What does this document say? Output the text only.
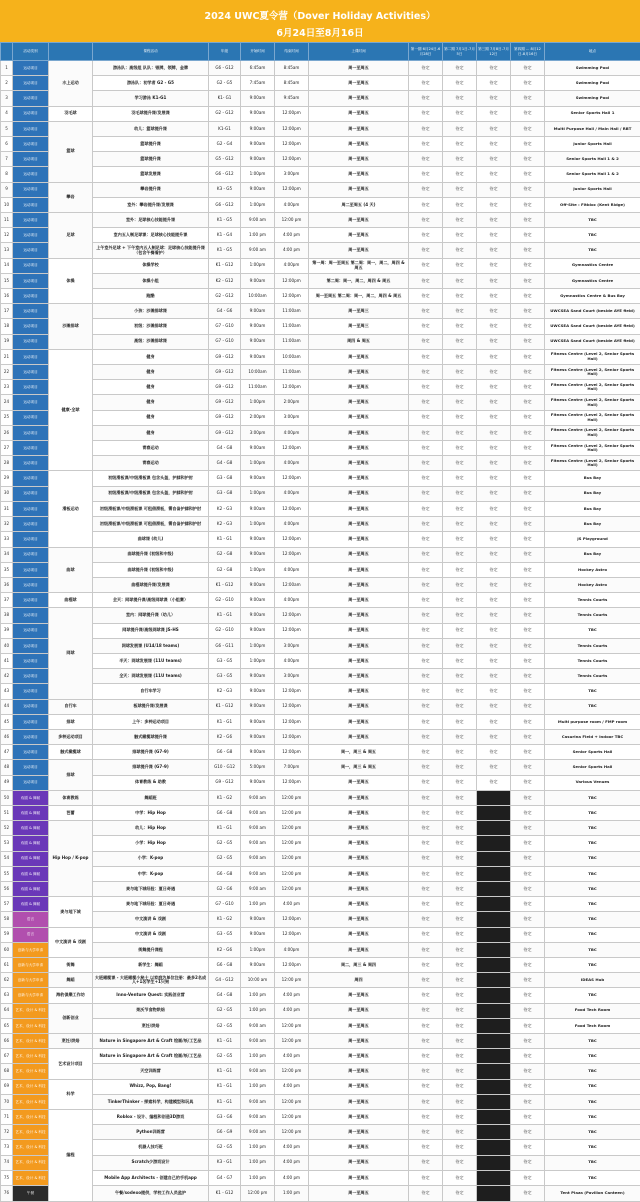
2024 UWC夏令营（Dover Holiday Activities）
6月24日至8月16日
	活动类别		课程活动	年级	开始时间	结束时间	上课时间	第一期 6月24日-6月28日	第二期 7月1日-7月5日	第三期 7月8日-7月12日	第四期 ... 8月12日-8月16日	地点
1	运动项目	水上运动	游泳队：高级组 队队：银牌，领牌，金牌	G6 - G12	6:45am	8:45am	周一至周五	待定	待定	待定	待定	Swimming Pool
2	运动项目		游泳队：初学者 G2 - G5	G2 - G5	7:45am	8:45am	周一至周五	待定	待定	待定	待定	Swimming Pool
3	运动项目		学习游泳 K1-G1	K1- G1	9:00am	9:45am	周一至周五	待定	待定	待定	待定	Swimming Pool
4	运动项目	羽毛球	羽毛球提升课/发展课	G2 - G12	9:00am	12:00pm	周一至周五	待定	待定	待定	待定	Senior Sports Hall 1
5	运动项目	篮球	幼儿：篮球提升课	K1-G1	9:00am	12:00pm	周一至周五	待定	待定	待定	待定	Multi Purpose Hall / Main Hall / RBT
6	运动项目		篮球提升课	G2 - G4	9:00am	12:00pm	周一至周五	待定	待定	待定	待定	Junior Sports Hall
7	运动项目		篮球提升课	G5 - G12	9:00am	12:00pm	周一至周五	待定	待定	待定	待定	Senior Sports Hall 1 & 2
8	运动项目		篮球发展课	G6 - G12	1:00pm	3:00pm	周一至周五	待定	待定	待定	待定	Senior Sports Hall 1 & 2
9	运动项目	攀岩	攀岩提升课	K3 - G5	9:00am	12:00pm	周一至周五	待定	待定	待定	待定	Junior Sports Hall
10	运动项目		室外：攀岩提升课/发展课	G6 - G12	1:00pm	4:00pm	周二至周五 (4 天)	待定	待定	待定	待定	Off-Site : Fitbloc (Kent Ridge)
11	运动项目	足球	室外：足球核心技能提升课	K1 - G5	9:00 am	12:00 pm	周一至周五	待定	待定	待定	待定	TBC
12	运动项目		室内五人制足球课：足球核心技能提升课	K1 - G4	1:00 pm	4:00 pm	周一至周五	待定	待定	待定	待定	TBC
13	运动项目		上午室外足球 + 下午室内五人制足球：足球核心技能提升课（包含午餐看护）	K1 - G5	9:00 am	4:00 pm	周一至周五	待定	待定	待定	待定	TBC
14	运动项目	体操	体操学校	K1 - G12	1:00pm	4:00pm	第一周：周一至周五 第二周：周一，周二，周四 & 周五	待定	待定	待定	待定	Gymnastics Centre
15	运动项目		体操小组	K2 - G12	9:00am	12:00pm	第二周：周一，周二，周四 & 周五	待定	待定	待定	待定	Gymnastics Centre
16	运动项目		跑酷	G2 - G12	10:00am	12:00pm	周一至周五 第二周：周一，周二，周四 & 周五	待定	待定	待定	待定	Gymnastics Centre & Bus Bay
17	运动项目	沙滩排球	小孩：沙滩排球课	G4 - G6	9:00am	11:00am	周一至周三	待定	待定	待定	待定	UWCSEA Sand Court (beside AYE field)
18	运动项目		初级：沙滩排球课	G7 - G10	9:00am	11:00am	周一至周三	待定	待定	待定	待定	UWCSEA Sand Court (beside AYE field)
19	运动项目		高级：沙滩排球课	G7 - G10	9:00am	11:00am	周四 & 周五	待定	待定	待定	待定	UWCSEA Sand Court (beside AYE field)
21	运动项目	健康·全球	健身	G9 - G12	9:00am	10:00am	周一至周五	待定	待定	待定	待定	Fitness Centre (Level 2, Senior Sports Hall)
22	运动项目		健身	G9 - G12	10:00am	11:00am	周一至周五	待定	待定	待定	待定	Fitness Centre (Level 2, Senior Sports Hall)
23	运动项目		健身	G9 - G12	11:00am	12:00pm	周一至周五	待定	待定	待定	待定	Fitness Centre (Level 2, Senior Sports Hall)
24	运动项目		健身	G9 - G12	1:00pm	2:00pm	周一至周五	待定	待定	待定	待定	Fitness Centre (Level 2, Senior Sports Hall)
25	运动项目		健身	G9 - G12	2:00pm	3:00pm	周一至周五	待定	待定	待定	待定	Fitness Centre (Level 2, Senior Sports Hall)
26	运动项目		健身	G9 - G12	3:00pm	4:00pm	周一至周五	待定	待定	待定	待定	Fitness Centre (Level 2, Senior Sports Hall)
27	运动项目		青春运动	G4 - G8	9:00am	12:00pm	周一至周五	待定	待定	待定	待定	Fitness Centre (Level 2, Senior Sports Hall)
28	运动项目		青春运动	G4 - G8	1:00pm	4:00pm	周一至周五	待定	待定	待定	待定	Fitness Centre (Level 2, Senior Sports Hall)
29	运动项目	滑板运动	初级滑板课/中级滑板课 包含头盔，护膝和护肘	G3 - G8	9:00am	12:00pm	周一至周五	待定	待定	待定	待定	Bus Bay
30	运动项目		初级滑板课/中级滑板课 包含头盔，护膝和护肘	G3 - G8	1:00pm	4:00pm	周一至周五	待定	待定	待定	待定	Bus Bay
31	运动项目		初级滑板课/中级滑板课 可租借滑板，需自备护膝和护肘	K2 - G3	9:00am	12:00pm	周一至周五	待定	待定	待定	待定	Bus Bay
32	运动项目		初级滑板课/中级滑板课 可租借滑板，需自备护膝和护肘	K2 - G3	1:00pm	4:00pm	周一至周五	待定	待定	待定	待定	Bus Bay
33	运动项目		曲球课 (幼儿)	K1 - G1	9:00am	12:00pm	周一至周五	待定	待定	待定	待定	JS Playground
34	运动项目	曲球	曲球提升课 (初级和中级)	G2 - G8	9:00am	12:00pm	周一至周五	待定	待定	待定	待定	Bus Bay
35	运动项目		曲球提升课 (初级和中级)	G2 - G8	1:00pm	4:00pm	周一至周五	待定	待定	待定	待定	Hockey Astro
36	运动项目		曲棍球提升课/发展课	K1 - G12	9:00am	12:00am	周一至周五	待定	待定	待定	待定	Hockey Astro
37	运动项目	曲棍球	全天：网球提升课/高级网球课（小组赛）	G2 - G10	9:00am	4:00pm	周一至周五	待定	待定	待定	待定	Tennis Courts
38	运动项目	网球	室内：网球提升课（幼儿）	K1 - G1	9:00am	12:00pm	周一至周五	待定	待定	待定	待定	Tennis Courts
39	运动项目		网球提升课/高级网球课 JS-HS	G2 - G10	9:00am	12:00pm	周一至周五	待定	待定	待定	待定	TBC
40	运动项目		网球发展课 (U14/18 teams)	G6 - G11	1:00pm	3:00pm	周一至周五	待定	待定	待定	待定	Tennis Courts
41	运动项目		半天：网球发展课 (11U teams)	G3 - G5	1:00pm	4:00pm	周一至周五	待定	待定	待定	待定	Tennis Courts
42	运动项目		全天：网球发展课 (11U teams)	G3 - G5	9:00am	3:00pm	周一至周五	待定	待定	待定	待定	Tennis Courts
43	运动项目		自行车学习	K2 - G3	9:00am	12:00pm	周一至周五	待定	待定	待定	待定	TBC
44	运动项目	自行车	板球提升课/发展课	K1 - G12	9:00am	12:00pm	周一至周五	待定	待定	待定	待定	TBC
45	运动项目	排球	上午：多种运动项目	K1 - G1	9:00am	12:00pm	周一至周五	待定	待定	待定	待定	Multi purpose room / FMP room
46	运动项目	多种运动项目	触式橄榄球提升课	K2 - G6	9:00am	12:00pm	周一至周五	待定	待定	待定	待定	Casurina Field + Indoor TBC
47	运动项目	触式橄榄球	排球提升课 (G7-9)	G6 - G8	9:00am	12:00pm	周一，周三 & 周五	待定	待定	待定	待定	Senior Sports Hall
48	运动项目	排球	排球提升课 (G7-9)	G10 - G12	5:00pm	7:00pm	周一，周三 & 周五	待定	待定	待定	待定	Senior Sports Hall
49	运动项目		体育教练 & 助教	G9 - G12	9:00am	12:00pm	周一至周五	待定	待定	待定	待定	Various Venues
50	戏剧 & 舞蹈	体育教练	舞蹈班	K1 - G2	9:00 am	12:00 pm	周一至周五	待定	待定		待定	TBC
51	戏剧 & 舞蹈	芭蕾	中学：Hip Hop	G6 - G8	9:00 am	12:00 pm	周一至周五	待定	待定		待定	TBC
52	戏剧 & 舞蹈	Hip Hop / K-pop	幼儿：Hip Hop	K1 - G1	9:00 am	12:00 pm	周一至周五	待定	待定		待定	TBC
53	戏剧 & 舞蹈		小学：Hip Hop	G2 - G5	9:00 am	12:00 pm	周一至周五	待定	待定		待定	TBC
54	戏剧 & 舞蹈		小学：K-pop	G2 - G5	9:00 am	12:00 pm	周一至周五	待定	待定		待定	TBC
55	戏剧 & 舞蹈		中学：K-pop	G6 - G8	9:00 am	12:00 pm	周一至周五	待定	待定		待定	TBC
56	戏剧 & 舞蹈		麦与地下城经验：夏日奇遇	G2 - G6	9:00 am	12:00 pm	周一至周五	待定	待定		待定	TBC
57	戏剧 & 舞蹈	麦与地下城	麦与地下城经验：夏日奇遇	G7 - G10	1:00 pm	4:00 pm	周一至周五	待定	待定		待定	TBC
58	语言		中文演讲 & 戏剧	K1 - G2	9:00am	12:00pm	周一至周五	待定	待定		待定	TBC
59	语言	中文演讲 & 戏剧	中文演讲 & 戏剧	G3 - G5	9:00am	12:00pm	周一至周五	待定	待定		待定	TBC
60	创新与大学申请		街舞提升课程	K2 - G6	1:00pm	4:00pm	周一至周五	待定	待定		待定	TBC
61	创新与大学申请	街舞	新学生：舞蹈	G6 - G8	9:00am	12:00pm	周二，周三 & 周四	待定	待定		待定	TBC
62	创新与大学申请	舞蹈	大班橄榄课 - 大班橄榄小秘士 以家庭为单位注册：最多2名成人+1名学生+1只狗	G4 - G12	10:00 am	12:00 pm	周四	待定	待定		待定	IDEAS Hub
63	创新与大学申请	海豹倶樂工作坊	Inno-Venture Quest: 实践创业营	G4 - G8	1:00 pm	4:00 pm	周一至周五	待定	待定		待定	TBC
64	艺术、设计 & 科技	创新创业	果沃节食物烘焙	G2 - G5	1:00 pm	4:00 pm	周一至周五	待定	待定		待定	Food Tech Room
65	艺术、设计 & 科技		烹饪/烘焙	G2 - G5	9:00 am	12:00 pm	周一至周五	待定	待定		待定	Food Tech Room
66	艺术、设计 & 科技	烹饪/烘焙	Nature in Singapore Art & Craft 绘画/纸/工艺品	K1 - G1	9:00 am	12:00 pm	周一至周五	待定	待定		待定	TBC
67	艺术、设计 & 科技	艺术设计项目	Nature in Singapore Art & Craft 绘画/纸/工艺品	G2 - G5	1:00 pm	4:00 pm	周一至周五	待定	待定		待定	TBC
68	艺术、设计 & 科技		天空训练营	K1 - G1	9:00 am	12:00 pm	周一至周五	待定	待定		待定	TBC
69	艺术、设计 & 科技	科学	Whizz, Pop, Bang!	K1 - G1	1:00 pm	4:00 pm	周一至周五	待定	待定		待定	TBC
70	艺术、设计 & 科技		TinkerThinker - 探索科学，构建模型和玩具	K1 - G1	9:00 am	12:00 pm	周一至周五	待定	待定		待定	TBC
71	艺术、设计 & 科技	编程	Roblox - 设计、编程和创造3D游戏	G3 - G6	9:00 am	12:00 pm	周一至周五	待定	待定		待定	TBC
72	艺术、设计 & 科技		Python训练营	G6 - G9	9:00 am	12:00 pm	周一至周五	待定	待定		待定	TBC
73	艺术、设计 & 科技		机器人技巧班	G2 - G5	1:00 pm	4:00 pm	周一至周五	待定	待定		待定	TBC
74	艺术、设计 & 科技		Scratch少游戏设计	K3 - G1	1:00 pm	4:00 pm	周一至周五	待定	待定		待定	TBC
75	艺术、设计 & 科技		Mobile App Architects - 创建自己的手机app	G4 - G7	1:00 pm	4:00 pm	周一至周五	待定	待定		待定	TBC
76	午餐		午餐/sodexo提供，学校工作人员监护	K1 - G12	12:00 pm	1:00 pm	周一至周五	待定	待定		待定	Tent Plaza (Pavilion Canteen)
